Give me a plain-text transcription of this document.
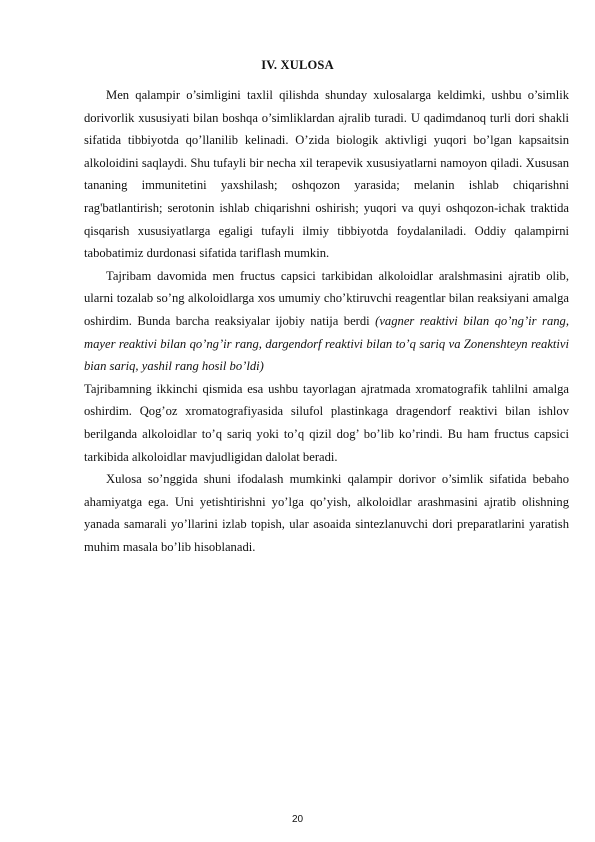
IV. XULOSA

Men qalampir o’simligini taxlil qilishda shunday xulosalarga keldimki, ushbu o’simlik dorivorlik xususiyati bilan boshqa o’simliklardan ajralib turadi. U qadimdanoq turli dori shakli sifatida tibbiyotda qo’llanilib kelinadi. O’zida biologik aktivligi yuqori bo’lgan kapsaitsin alkoloidini saqlaydi. Shu tufayli bir necha xil terapevik xususiyatlarni namoyon qiladi. Xususan tananing immunitetini yaxshilash; oshqozon yarasida; melanin ishlab chiqarishni rag'batlantirish; serotonin ishlab chiqarishni oshirish; yuqori va quyi oshqozon-ichak traktida qisqarish xususiyatlarga egaligi tufayli ilmiy tibbiyotda foydalaniladi. Oddiy qalampirni tabobatimiz durdonasi sifatida tariflash mumkin.

Tajribam davomida men fructus capsici tarkibidan alkoloidlar aralshmasini ajratib olib, ularni tozalab so’ng alkoloidlarga xos umumiy cho’ktiruvchi reagentlar bilan reaksiyani amalga oshirdim. Bunda barcha reaksiyalar ijobiy natija berdi (vagner reaktivi bilan qo’ng’ir rang, mayer reaktivi bilan qo’ng’ir rang, dargendorf reaktivi bilan to’q sariq va Zonenshteyn reaktivi bian sariq, yashil rang hosil bo’ldi)

Tajribamning ikkinchi qismida esa ushbu tayorlagan ajratmada xromatografik tahlilni amalga oshirdim. Qog’oz xromatografiyasida silufol plastinkaga dragendorf reaktivi bilan ishlov berilganda alkoloidlar to’q sariq yoki to’q qizil dog’ bo’lib ko’rindi. Bu ham fructus capsici tarkibida alkoloidlar mavjudligidan dalolat beradi.

Xulosa so’nggida shuni ifodalash mumkinki qalampir dorivor o’simlik sifatida bebaho ahamiyatga ega. Uni yetishtirishni yo’lga qo’yish, alkoloidlar arashmasini ajratib olishning yanada samarali yo’llarini izlab topish, ular asoaida sintezlanuvchi dori preparatlarini yaratish muhim masala bo’lib hisoblanadi.

20
